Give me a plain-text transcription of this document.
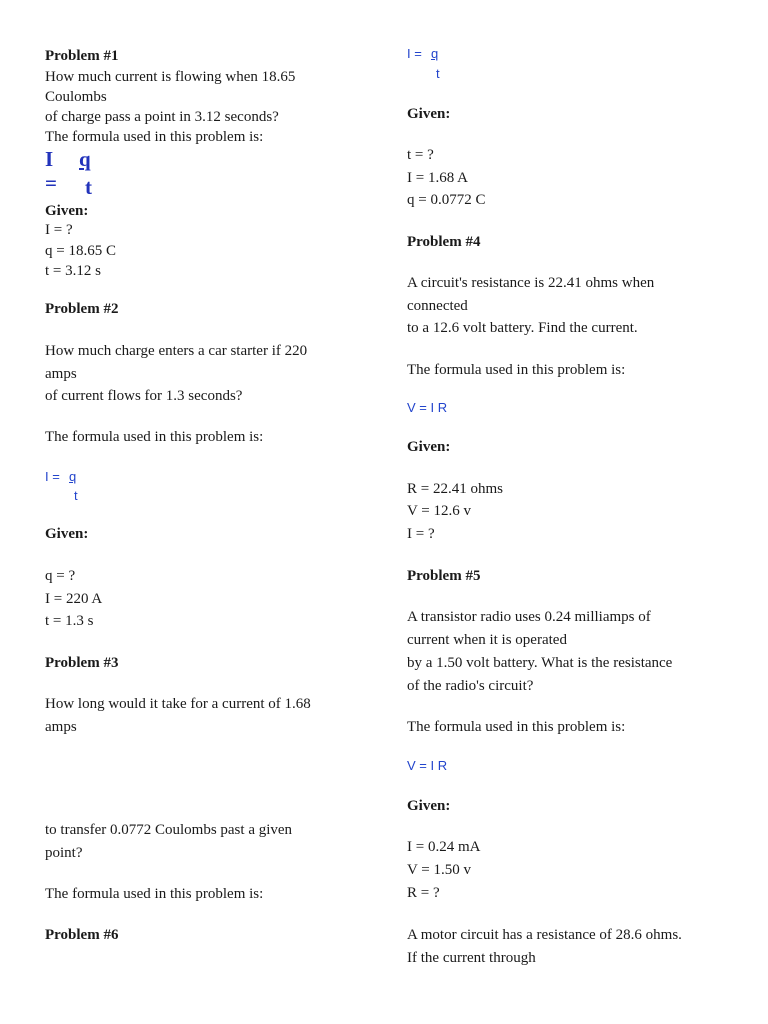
Problem #1
How much current is flowing when 18.65
Coulombs
of charge pass a point in 3.12 seconds?
The formula used in this problem is:
I =
q
t
Given:
I = ?
q = 18.65 C
t = 3.12 s
Problem #2
How much charge enters a car starter if 220
amps
of current flows for 1.3 seconds?
The formula used in this problem is:
I = q
t
Given:
q = ?
I = 220 A
t = 1.3 s
Problem #3
How long would it take for a current of 1.68
amps
to transfer 0.0772 Coulombs past a given
point?
The formula used in this problem is:
Problem #6
I = q
t
Given:
t = ?
I = 1.68 A
q = 0.0772 C
Problem #4
A circuit's resistance is 22.41 ohms when
connected
to a 12.6 volt battery. Find the current.
The formula used in this problem is:
V = I R
Given:
R = 22.41 ohms
V = 12.6 v
I = ?
Problem #5
A transistor radio uses 0.24 milliamps of
current when it is operated
by a 1.50 volt battery. What is the resistance
of the radio's circuit?
The formula used in this problem is:
V = I R
Given:
I = 0.24 mA
V = 1.50 v
R = ?
A motor circuit has a resistance of 28.6 ohms.
If the current through
